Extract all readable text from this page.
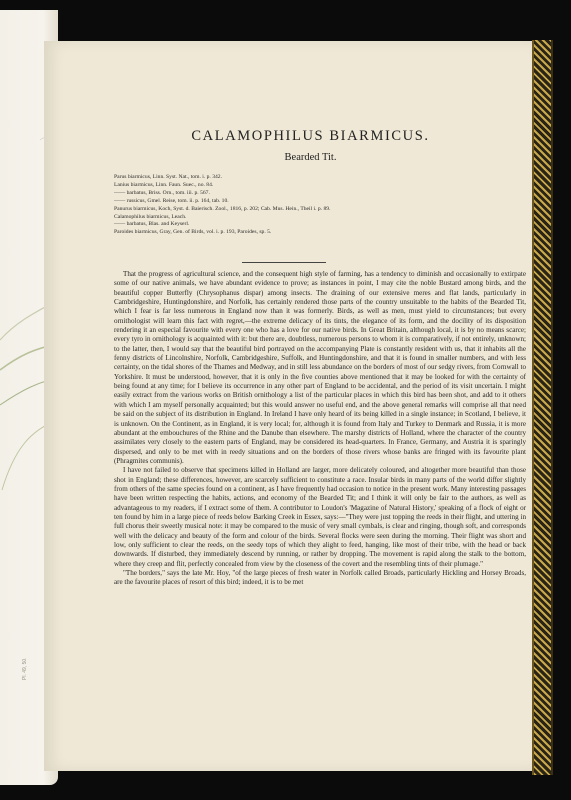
Pl. 49, 50.
CALAMOPHILUS BIARMICUS.
Bearded Tit.
Parus biarmicus, Linn. Syst. Nat., tom. i. p. 342.
Lanius biarmicus, Linn. Faun. Suec., no. 84.
—— barbatus, Briss. Orn., tom. iii. p. 567.
—— russicus, Gmel. Reise, tom. ii. p. 164, tab. 10.
Panurus biarmicus, Koch, Syst. d. Baierisch. Zool., 1816, p. 202; Cab. Mus. Hein., Theil i. p. 89.
Calamophilus biarmicus, Leach.
—— barbatus, Blas. and Keyserl.
Paroides biarmicus, Gray, Gen. of Birds, vol. i. p. 193, Paroides, sp. 5.

That the progress of agricultural science, and the consequent high style of farming, has a tendency to diminish and occasionally to extirpate some of our native animals, we have abundant evidence to prove; as instances in point, I may cite the noble Bustard among birds, and the beautiful copper Butterfly (Chrysophanus dispar) among insects. The draining of our extensive meres and flat lands, particularly in Cambridgeshire, Huntingdonshire, and Norfolk, has certainly rendered those parts of the country unsuitable to the habits of the Bearded Tit, which I fear is far less numerous in England now than it was formerly. Birds, as well as men, must yield to circumstances; but every ornithologist will learn this fact with regret,—the extreme delicacy of its tints, the elegance of its form, and the docility of its disposition rendering it an especial favourite with every one who has a love for our native birds. In Great Britain, although local, it is by no means scarce; every tyro in ornithology is acquainted with it: but there are, doubtless, numerous persons to whom it is comparatively, if not entirely, unknown; to the latter, then, I would say that the beautiful bird portrayed on the accompanying Plate is constantly resident with us, that it inhabits all the fenny districts of Lincolnshire, Norfolk, Cambridgeshire, Suffolk, and Huntingdonshire, and that it is found in smaller numbers, and with less certainty, on the tidal shores of the Thames and Medway, and in still less abundance on the borders of most of our sedgy rivers, from Cornwall to Yorkshire. It must be understood, however, that it is only in the five counties above mentioned that it may be looked for with the certainty of being found at any time; for I believe its occurrence in any other part of England to be accidental, and the period of its visit uncertain. I might easily extract from the various works on British ornithology a list of the particular places in which this bird has been shot, and add to it others with which I am myself personally acquainted; but this would answer no useful end, and the above general remarks will comprise all that need be said on the subject of its distribution in England. In Ireland I have only heard of its being killed in a single instance; in Scotland, I believe, it is unknown. On the Continent, as in England, it is very local; for, although it is found from Italy and Turkey to Denmark and Russia, it is more abundant at the embouchures of the Rhine and the Danube than elsewhere. The marshy districts of Holland, where the character of the country assimilates very closely to the eastern parts of England, may be considered its head-quarters. In France, Germany, and Austria it is sparingly dispersed, and only to be met with in reedy situations and on the borders of those rivers whose banks are fringed with its favourite plant (Phragmites communis).

I have not failed to observe that specimens killed in Holland are larger, more delicately coloured, and altogether more beautiful than those shot in England; these differences, however, are scarcely sufficient to constitute a race. Insular birds in many parts of the world differ slightly from others of the same species found on a continent, as I have frequently had occasion to notice in the present work. Many interesting passages have been written respecting the habits, actions, and economy of the Bearded Tit; and I think it will only be fair to the authors, as well as advantageous to my readers, if I extract some of them. A contributor to Loudon's 'Magazine of Natural History,' speaking of a flock of eight or ten found by him in a large piece of reeds below Barking Creek in Essex, says:—"They were just topping the reeds in their flight, and uttering in full chorus their sweetly musical note: it may be compared to the music of very small cymbals, is clear and ringing, though soft, and corresponds well with the delicacy and beauty of the form and colour of the birds. Several flocks were seen during the morning. Their flight was short and low, only sufficient to clear the reeds, on the seedy tops of which they alight to feed, hanging, like most of their tribe, with the head or back downwards. If disturbed, they immediately descend by running, or rather by dropping. The movement is rapid along the stalk to the bottom, where they creep and flit, perfectly concealed from view by the closeness of the covert and the resembling tints of their plumage."

"The borders," says the late Mr. Hoy, "of the large pieces of fresh water in Norfolk called Broads, particularly Hickling and Horsey Broads, are the favourite places of resort of this bird; indeed, it is to be met
